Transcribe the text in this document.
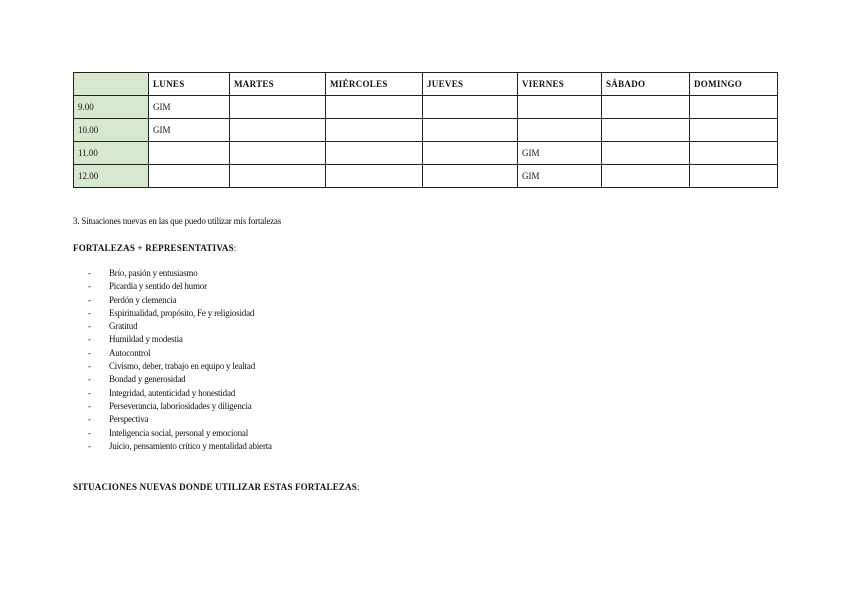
	LUNES	MARTES	MIÉRCOLES	JUEVES	VIERNES	SÁBADO	DOMINGO
9.00	GIM						
10.00	GIM						
11.00					GIM		
12.00					GIM		
3. Situaciones nuevas en las que puedo utilizar mis fortalezas
FORTALEZAS + REPRESENTATIVAS:
- Brío, pasión y entusiasmo
- Picardía y sentido del humor
- Perdón y clemencia
- Espiritualidad, propósito, Fe y religiosidad
- Gratitud
- Humildad y modestia
- Autocontrol
- Civismo, deber, trabajo en equipo y lealtad
- Bondad y generosidad
- Integridad, autenticidad y honestidad
- Perseverancia, laboriosidades y diligencia
- Perspectiva
- Inteligencia social, personal y emocional
- Juicio, pensamiento crítico y mentalidad abierta
SITUACIONES NUEVAS DONDE UTILIZAR ESTAS FORTALEZAS:
